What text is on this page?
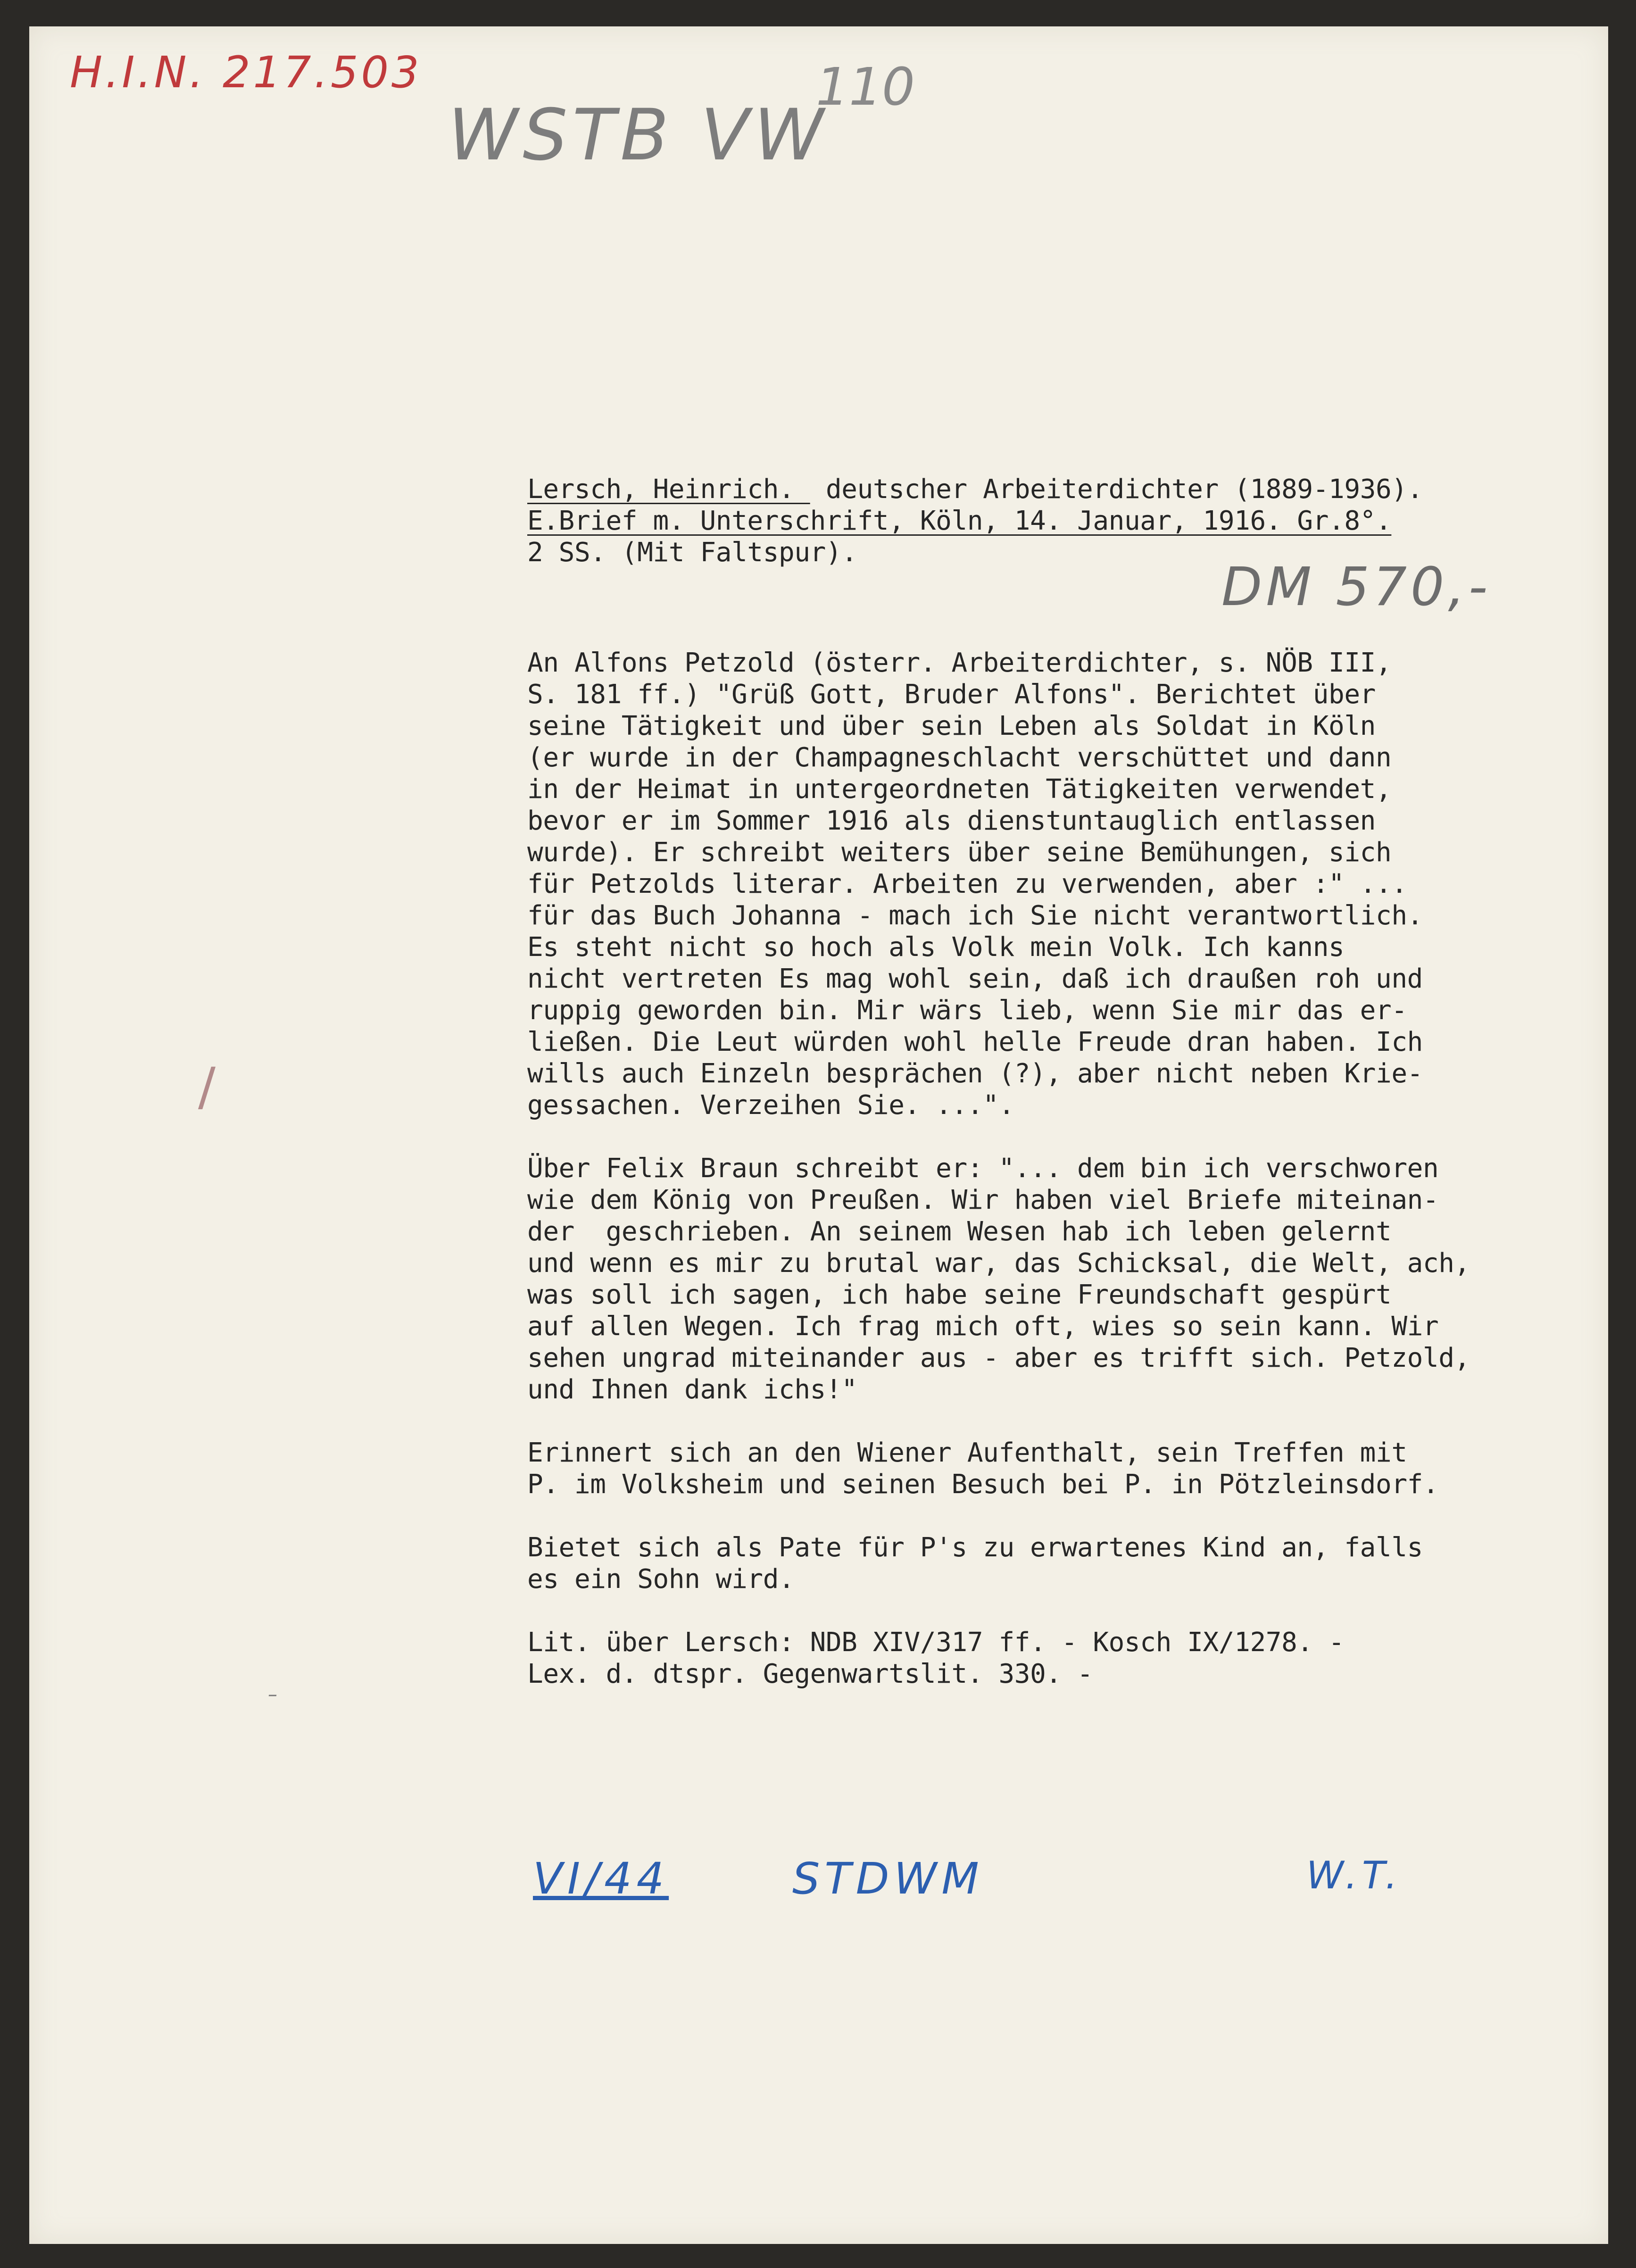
H.I.N. 217.503
WSTB VW
110
DM 570,-
/
–
VI/44	STDWM	W.T.
Lersch, Heinrich.  deutscher Arbeiterdichter (1889-1936).
E.Brief m. Unterschrift, Köln, 14. Januar, 1916. Gr.8°.
2 SS. (Mit Faltspur).
An Alfons Petzold (österr. Arbeiterdichter, s. NÖB III,
S. 181 ff.) "Grüß Gott, Bruder Alfons". Berichtet über
seine Tätigkeit und über sein Leben als Soldat in Köln
(er wurde in der Champagneschlacht verschüttet und dann
in der Heimat in untergeordneten Tätigkeiten verwendet,
bevor er im Sommer 1916 als dienstuntauglich entlassen
wurde). Er schreibt weiters über seine Bemühungen, sich
für Petzolds literar. Arbeiten zu verwenden, aber :" ...
für das Buch Johanna - mach ich Sie nicht verantwortlich.
Es steht nicht so hoch als Volk mein Volk. Ich kanns
nicht vertreten Es mag wohl sein, daß ich draußen roh und
ruppig geworden bin. Mir wärs lieb, wenn Sie mir das er-
ließen. Die Leut würden wohl helle Freude dran haben. Ich
wills auch Einzeln besprächen (?), aber nicht neben Krie-
gessachen. Verzeihen Sie. ...".
Über Felix Braun schreibt er: "... dem bin ich verschworen
wie dem König von Preußen. Wir haben viel Briefe miteinan-
der  geschrieben. An seinem Wesen hab ich leben gelernt
und wenn es mir zu brutal war, das Schicksal, die Welt, ach,
was soll ich sagen, ich habe seine Freundschaft gespürt
auf allen Wegen. Ich frag mich oft, wies so sein kann. Wir
sehen ungrad miteinander aus - aber es trifft sich. Petzold,
und Ihnen dank ichs!"
Erinnert sich an den Wiener Aufenthalt, sein Treffen mit
P. im Volksheim und seinen Besuch bei P. in Pötzleinsdorf.
Bietet sich als Pate für P's zu erwartenes Kind an, falls
es ein Sohn wird.
Lit. über Lersch: NDB XIV/317 ff. - Kosch IX/1278. -
Lex. d. dtspr. Gegenwartslit. 330. -
